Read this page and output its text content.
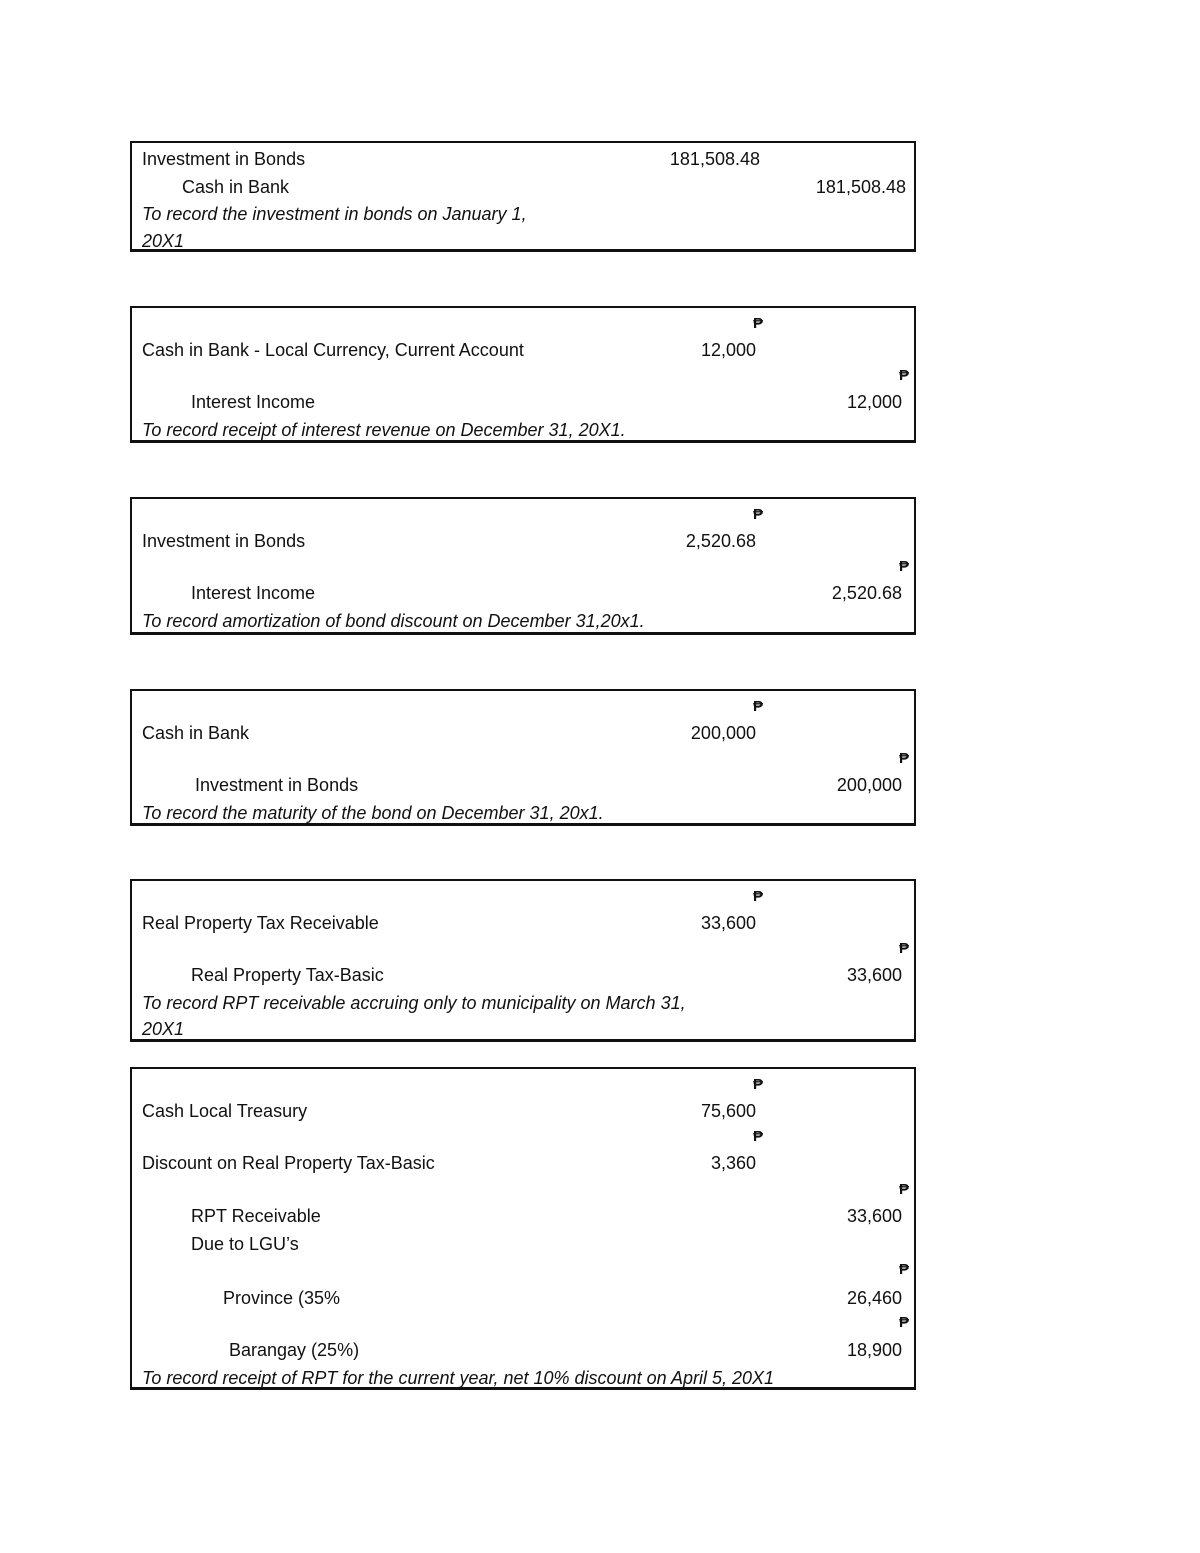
Investment in Bonds	181,508.48
Cash in Bank	181,508.48
To record the investment in bonds on January 1,
20X1
₱
Cash in Bank - Local Currency, Current Account	12,000
₱
Interest Income	12,000
To record receipt of interest revenue on December 31, 20X1.
₱
Investment in Bonds	2,520.68
₱
Interest Income	2,520.68
To record amortization of bond discount on December 31,20x1.
₱
Cash in Bank	200,000
₱
Investment in Bonds	200,000
To record the maturity of the bond on December 31, 20x1.
₱
Real Property Tax Receivable	33,600
₱
Real Property Tax-Basic	33,600
To record RPT receivable accruing only to municipality on March 31,
20X1
₱
Cash Local Treasury	75,600
₱
Discount on Real Property Tax-Basic	3,360
₱
RPT Receivable	33,600
Due to LGU’s
₱
Province (35%	26,460
₱
Barangay (25%)	18,900
To record receipt of RPT for the current year, net 10% discount on April 5, 20X1
